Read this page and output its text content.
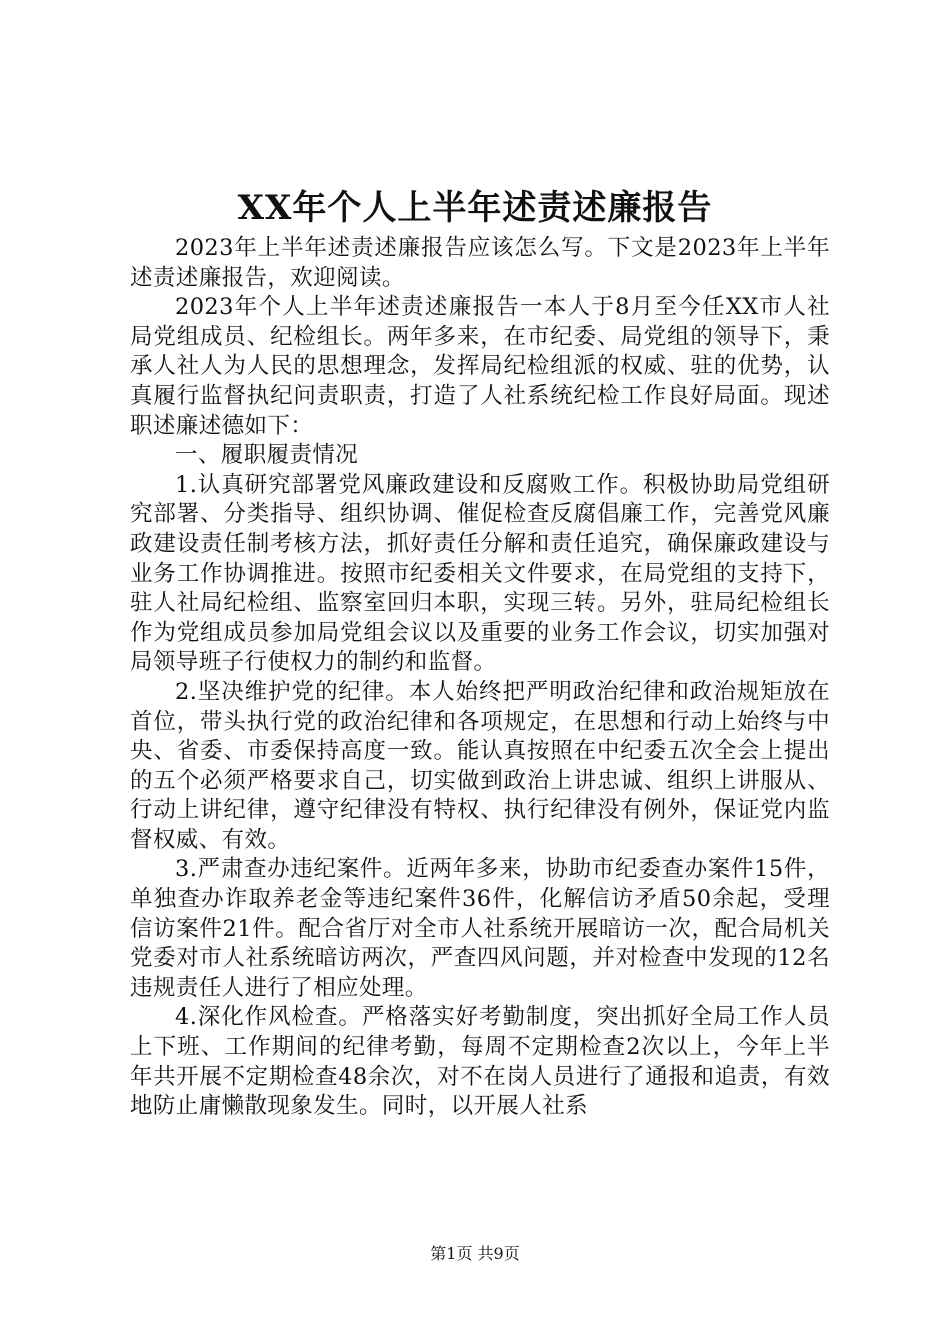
XX年个人上半年述责述廉报告

2023年上半年述责述廉报告应该怎么写。下文是2023年上半年述责述廉报告，欢迎阅读。

2023年个人上半年述责述廉报告一本人于8月至今任XX市人社局党组成员、纪检组长。两年多来，在市纪委、局党组的领导下，秉承人社人为人民的思想理念，发挥局纪检组派的权威、驻的优势，认真履行监督执纪问责职责，打造了人社系统纪检工作良好局面。现述职述廉述德如下：

一、履职履责情况

1.认真研究部署党风廉政建设和反腐败工作。积极协助局党组研究部署、分类指导、组织协调、催促检查反腐倡廉工作，完善党风廉政建设责任制考核方法，抓好责任分解和责任追究，确保廉政建设与业务工作协调推进。按照市纪委相关文件要求，在局党组的支持下，驻人社局纪检组、监察室回归本职，实现三转。另外，驻局纪检组长作为党组成员参加局党组会议以及重要的业务工作会议，切实加强对局领导班子行使权力的制约和监督。

2.坚决维护党的纪律。本人始终把严明政治纪律和政治规矩放在首位，带头执行党的政治纪律和各项规定，在思想和行动上始终与中央、省委、市委保持高度一致。能认真按照在中纪委五次全会上提出的五个必须严格要求自己，切实做到政治上讲忠诚、组织上讲服从、行动上讲纪律，遵守纪律没有特权、执行纪律没有例外，保证党内监督权威、有效。

3.严肃查办违纪案件。近两年多来，协助市纪委查办案件15件，单独查办诈取养老金等违纪案件36件，化解信访矛盾50余起，受理信访案件21件。配合省厅对全市人社系统开展暗访一次，配合局机关党委对市人社系统暗访两次，严查四风问题，并对检查中发现的12名违规责任人进行了相应处理。

4.深化作风检查。严格落实好考勤制度，突出抓好全局工作人员上下班、工作期间的纪律考勤，每周不定期检查2次以上，今年上半年共开展不定期检查48余次，对不在岗人员进行了通报和追责，有效地防止庸懒散现象发生。同时，以开展人社系

第1页 共9页
